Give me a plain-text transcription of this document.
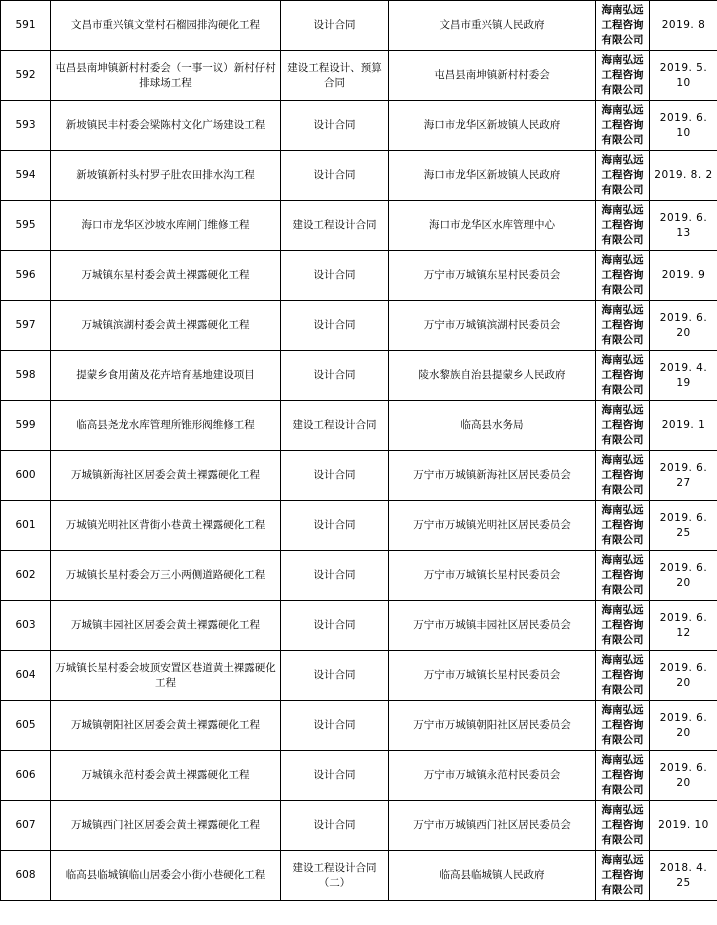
591	文昌市重兴镇文堂村石榴园排沟硬化工程	设计合同	文昌市重兴镇人民政府	海南弘远工程咨询有限公司	2019. 8
592	屯昌县南坤镇新村村委会（一事一议）新村仔村排球场工程	建设工程设计、预算合同	屯昌县南坤镇新村村委会	海南弘远工程咨询有限公司	2019. 5. 10
593	新坡镇民丰村委会梁陈村文化广场建设工程	设计合同	海口市龙华区新坡镇人民政府	海南弘远工程咨询有限公司	2019. 6. 10
594	新坡镇新村头村罗子肚农田排水沟工程	设计合同	海口市龙华区新坡镇人民政府	海南弘远工程咨询有限公司	2019. 8. 2
595	海口市龙华区沙坡水库闸门维修工程	建设工程设计合同	海口市龙华区水库管理中心	海南弘远工程咨询有限公司	2019. 6. 13
596	万城镇东星村委会黄土裸露硬化工程	设计合同	万宁市万城镇东星村民委员会	海南弘远工程咨询有限公司	2019. 9
597	万城镇滨湖村委会黄土裸露硬化工程	设计合同	万宁市万城镇滨湖村民委员会	海南弘远工程咨询有限公司	2019. 6. 20
598	提蒙乡食用菌及花卉培育基地建设项目	设计合同	陵水黎族自治县提蒙乡人民政府	海南弘远工程咨询有限公司	2019. 4. 19
599	临高县尧龙水库管理所锥形阀维修工程	建设工程设计合同	临高县水务局	海南弘远工程咨询有限公司	2019. 1
600	万城镇新海社区居委会黄土裸露硬化工程	设计合同	万宁市万城镇新海社区居民委员会	海南弘远工程咨询有限公司	2019. 6. 27
601	万城镇光明社区背街小巷黄土裸露硬化工程	设计合同	万宁市万城镇光明社区居民委员会	海南弘远工程咨询有限公司	2019. 6. 25
602	万城镇长星村委会万三小两侧道路硬化工程	设计合同	万宁市万城镇长星村民委员会	海南弘远工程咨询有限公司	2019. 6. 20
603	万城镇丰园社区居委会黄土裸露硬化工程	设计合同	万宁市万城镇丰园社区居民委员会	海南弘远工程咨询有限公司	2019. 6. 12
604	万城镇长星村委会坡顶安置区巷道黄土裸露硬化工程	设计合同	万宁市万城镇长星村民委员会	海南弘远工程咨询有限公司	2019. 6. 20
605	万城镇朝阳社区居委会黄土裸露硬化工程	设计合同	万宁市万城镇朝阳社区居民委员会	海南弘远工程咨询有限公司	2019. 6. 20
606	万城镇永范村委会黄土裸露硬化工程	设计合同	万宁市万城镇永范村民委员会	海南弘远工程咨询有限公司	2019. 6. 20
607	万城镇西门社区居委会黄土裸露硬化工程	设计合同	万宁市万城镇西门社区居民委员会	海南弘远工程咨询有限公司	2019. 10
608	临高县临城镇临山居委会小街小巷硬化工程	建设工程设计合同（二）	临高县临城镇人民政府	海南弘远工程咨询有限公司	2018. 4. 25
